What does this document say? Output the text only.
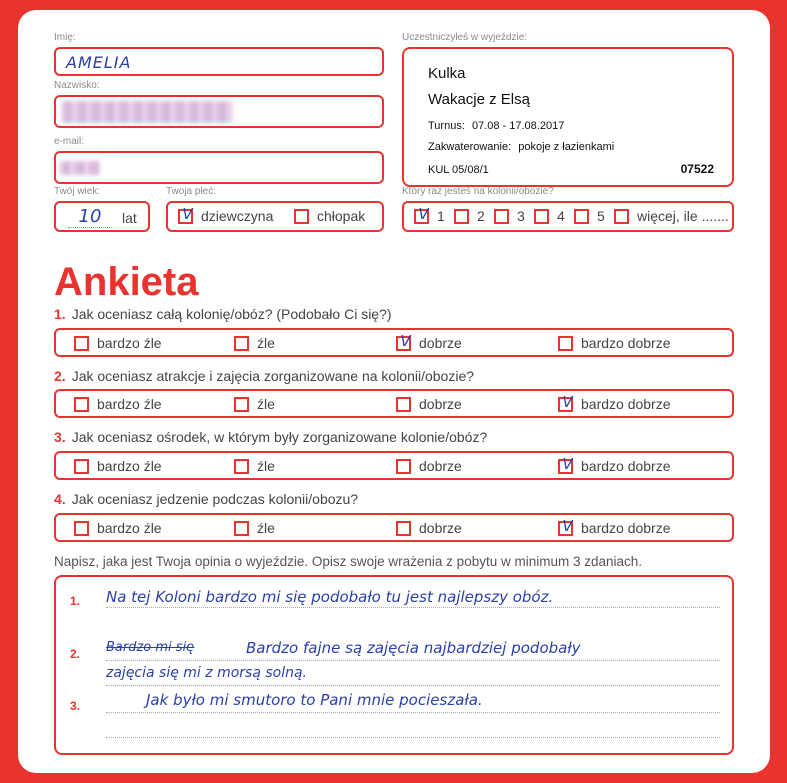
Imię:
AMELIA
Nazwisko:
e-mail:
Twój wiek:
10	lat
Twoja płeć:
V dziewczyna	chłopak
Uczestniczyłeś w wyjeździe:
Kulka
Wakacje z Elsą
Turnus: 07.08 - 17.08.2017
Zakwaterowanie: pokoje z łazienkami
KUL 05/08/1	07522
Który raz jesteś na kolonii/obozie?
V 1 2 3 4 5 więcej, ile .......
Ankieta
1. Jak oceniasz całą kolonię/obóz? (Podobało Ci się?)
bardzo źle	źle	V dobrze	bardzo dobrze
2. Jak oceniasz atrakcje i zajęcia zorganizowane na kolonii/obozie?
bardzo źle	źle	dobrze	V bardzo dobrze
3. Jak oceniasz ośrodek, w którym były zorganizowane kolonie/obóz?
bardzo źle	źle	dobrze	V bardzo dobrze
4. Jak oceniasz jedzenie podczas kolonii/obozu?
bardzo źle	źle	dobrze	V bardzo dobrze
Napisz, jaka jest Twoja opinia o wyjeździe. Opisz swoje wrażenia z pobytu w minimum 3 zdaniach.
1. Na tej Koloni bardzo mi się podobało tu jest najlepszy obóz.
2. Bardzo mi się	Bardzo fajne są zajęcia najbardziej podobały
zajęcia się mi z morsą solną.
3.	Jak było mi smutoro to Pani mnie pocieszała.
